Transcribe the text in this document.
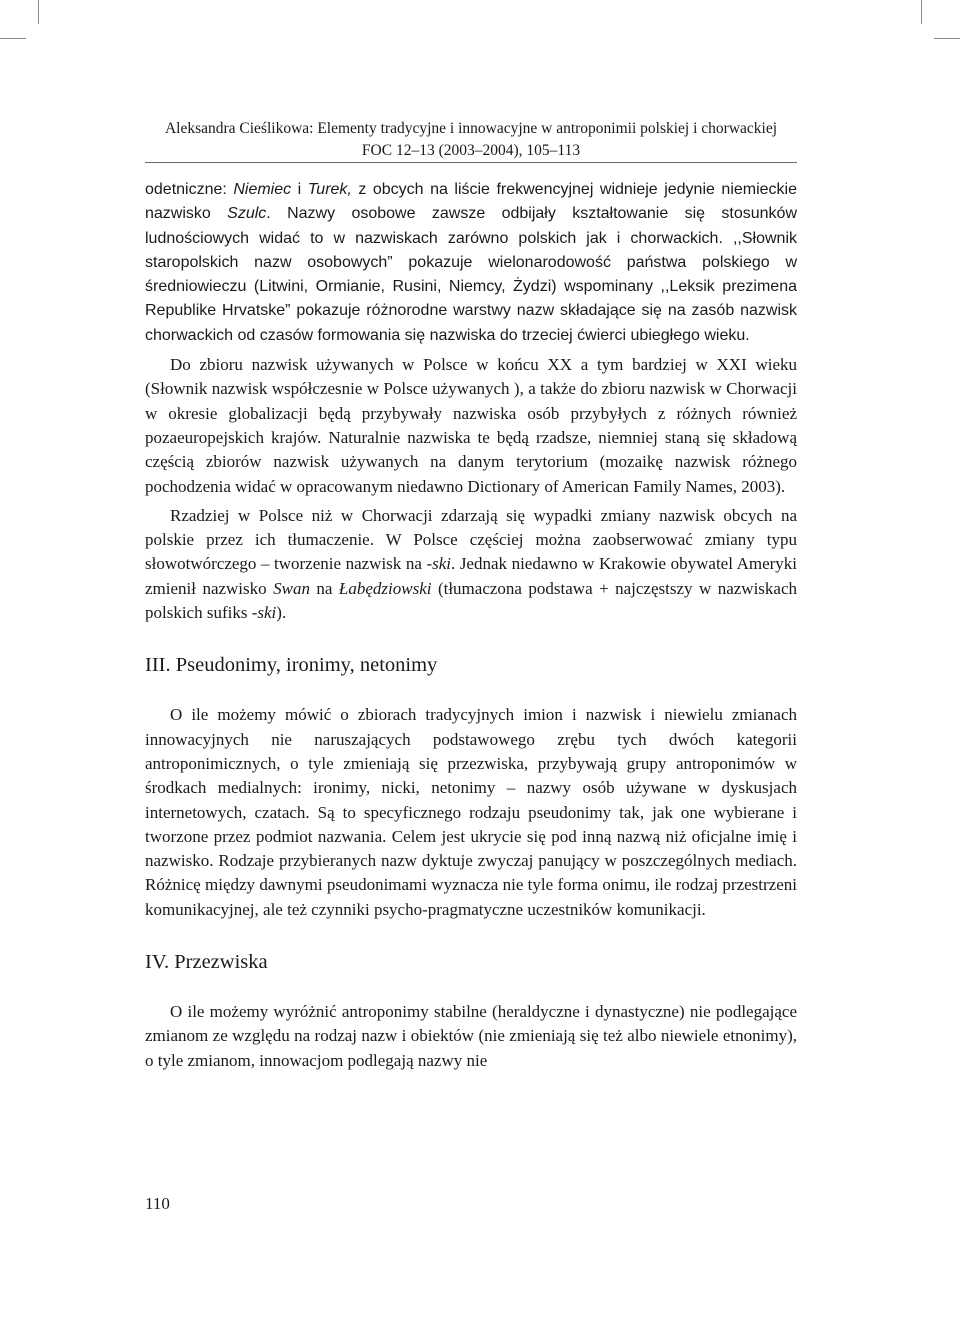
Aleksandra Cieślikowa: Elementy tradycyjne i innowacyjne w antroponimii polskiej i chorwackiej
FOC 12–13 (2003–2004), 105–113

odetniczne: Niemiec i Turek, z obcych na liście frekwencyjnej widnieje jedynie niemieckie nazwisko Szulc. Nazwy osobowe zawsze odbijały kształtowanie się stosunków ludnościowych widać to w nazwiskach zarówno polskich jak i chorwackich. ,,Słownik staropolskich nazw osobowych” pokazuje wielonarodowość państwa polskiego w średniowieczu (Litwini, Ormianie, Rusini, Niemcy, Żydzi) wspominany ,,Leksik prezimena Republike Hrvatske” pokazuje różnorodne warstwy nazw składające się na zasób nazwisk chorwackich od czasów formowania się nazwiska do trzeciej ćwierci ubiegłego wieku.

Do zbioru nazwisk używanych w Polsce w końcu XX a tym bardziej w XXI wieku (Słownik nazwisk współczesnie w Polsce używanych ), a także do zbioru nazwisk w Chorwacji w okresie globalizacji będą przybywały nazwiska osób przybyłych z różnych również pozaeuropejskich krajów. Naturalnie nazwiska te będą rzadsze, niemniej staną się składową częścią zbiorów nazwisk używanych na danym terytorium (mozaikę nazwisk różnego pochodzenia widać w opracowanym niedawno Dictionary of American Family Names, 2003).

Rzadziej w Polsce niż w Chorwacji zdarzają się wypadki zmiany nazwisk obcych na polskie przez ich tłumaczenie. W Polsce częściej można zaobserwować zmiany typu słowotwórczego – tworzenie nazwisk na -ski. Jednak niedawno w Krakowie obywatel Ameryki zmienił nazwisko Swan na Łabędziowski (tłumaczona podstawa + najczęstszy w nazwiskach polskich sufiks -ski).

III. Pseudonimy, ironimy, netonimy

O ile możemy mówić o zbiorach tradycyjnych imion i nazwisk i niewielu zmianach innowacyjnych nie naruszających podstawowego zrębu tych dwóch kategorii antroponimicznych, o tyle zmieniają się przezwiska, przybywają grupy antroponimów w środkach medialnych: ironimy, nicki, netonimy – nazwy osób używane w dyskusjach internetowych, czatach. Są to specyficznego rodzaju pseudonimy tak, jak one wybierane i tworzone przez podmiot nazwania. Celem jest ukrycie się pod inną nazwą niż oficjalne imię i nazwisko. Rodzaje przybieranych nazw dyktuje zwyczaj panujący w poszczególnych mediach. Różnicę między dawnymi pseudonimami wyznacza nie tyle forma onimu, ile rodzaj przestrzeni komunikacyjnej, ale też czynniki psycho-pragmatyczne uczestników komunikacji.

IV. Przezwiska

O ile możemy wyróżnić antroponimy stabilne (heraldyczne i dynastyczne) nie podlegające zmianom ze względu na rodzaj nazw i obiektów (nie zmieniają się też albo niewiele etnonimy), o tyle zmianom, innowacjom podlegają nazwy nie

110
